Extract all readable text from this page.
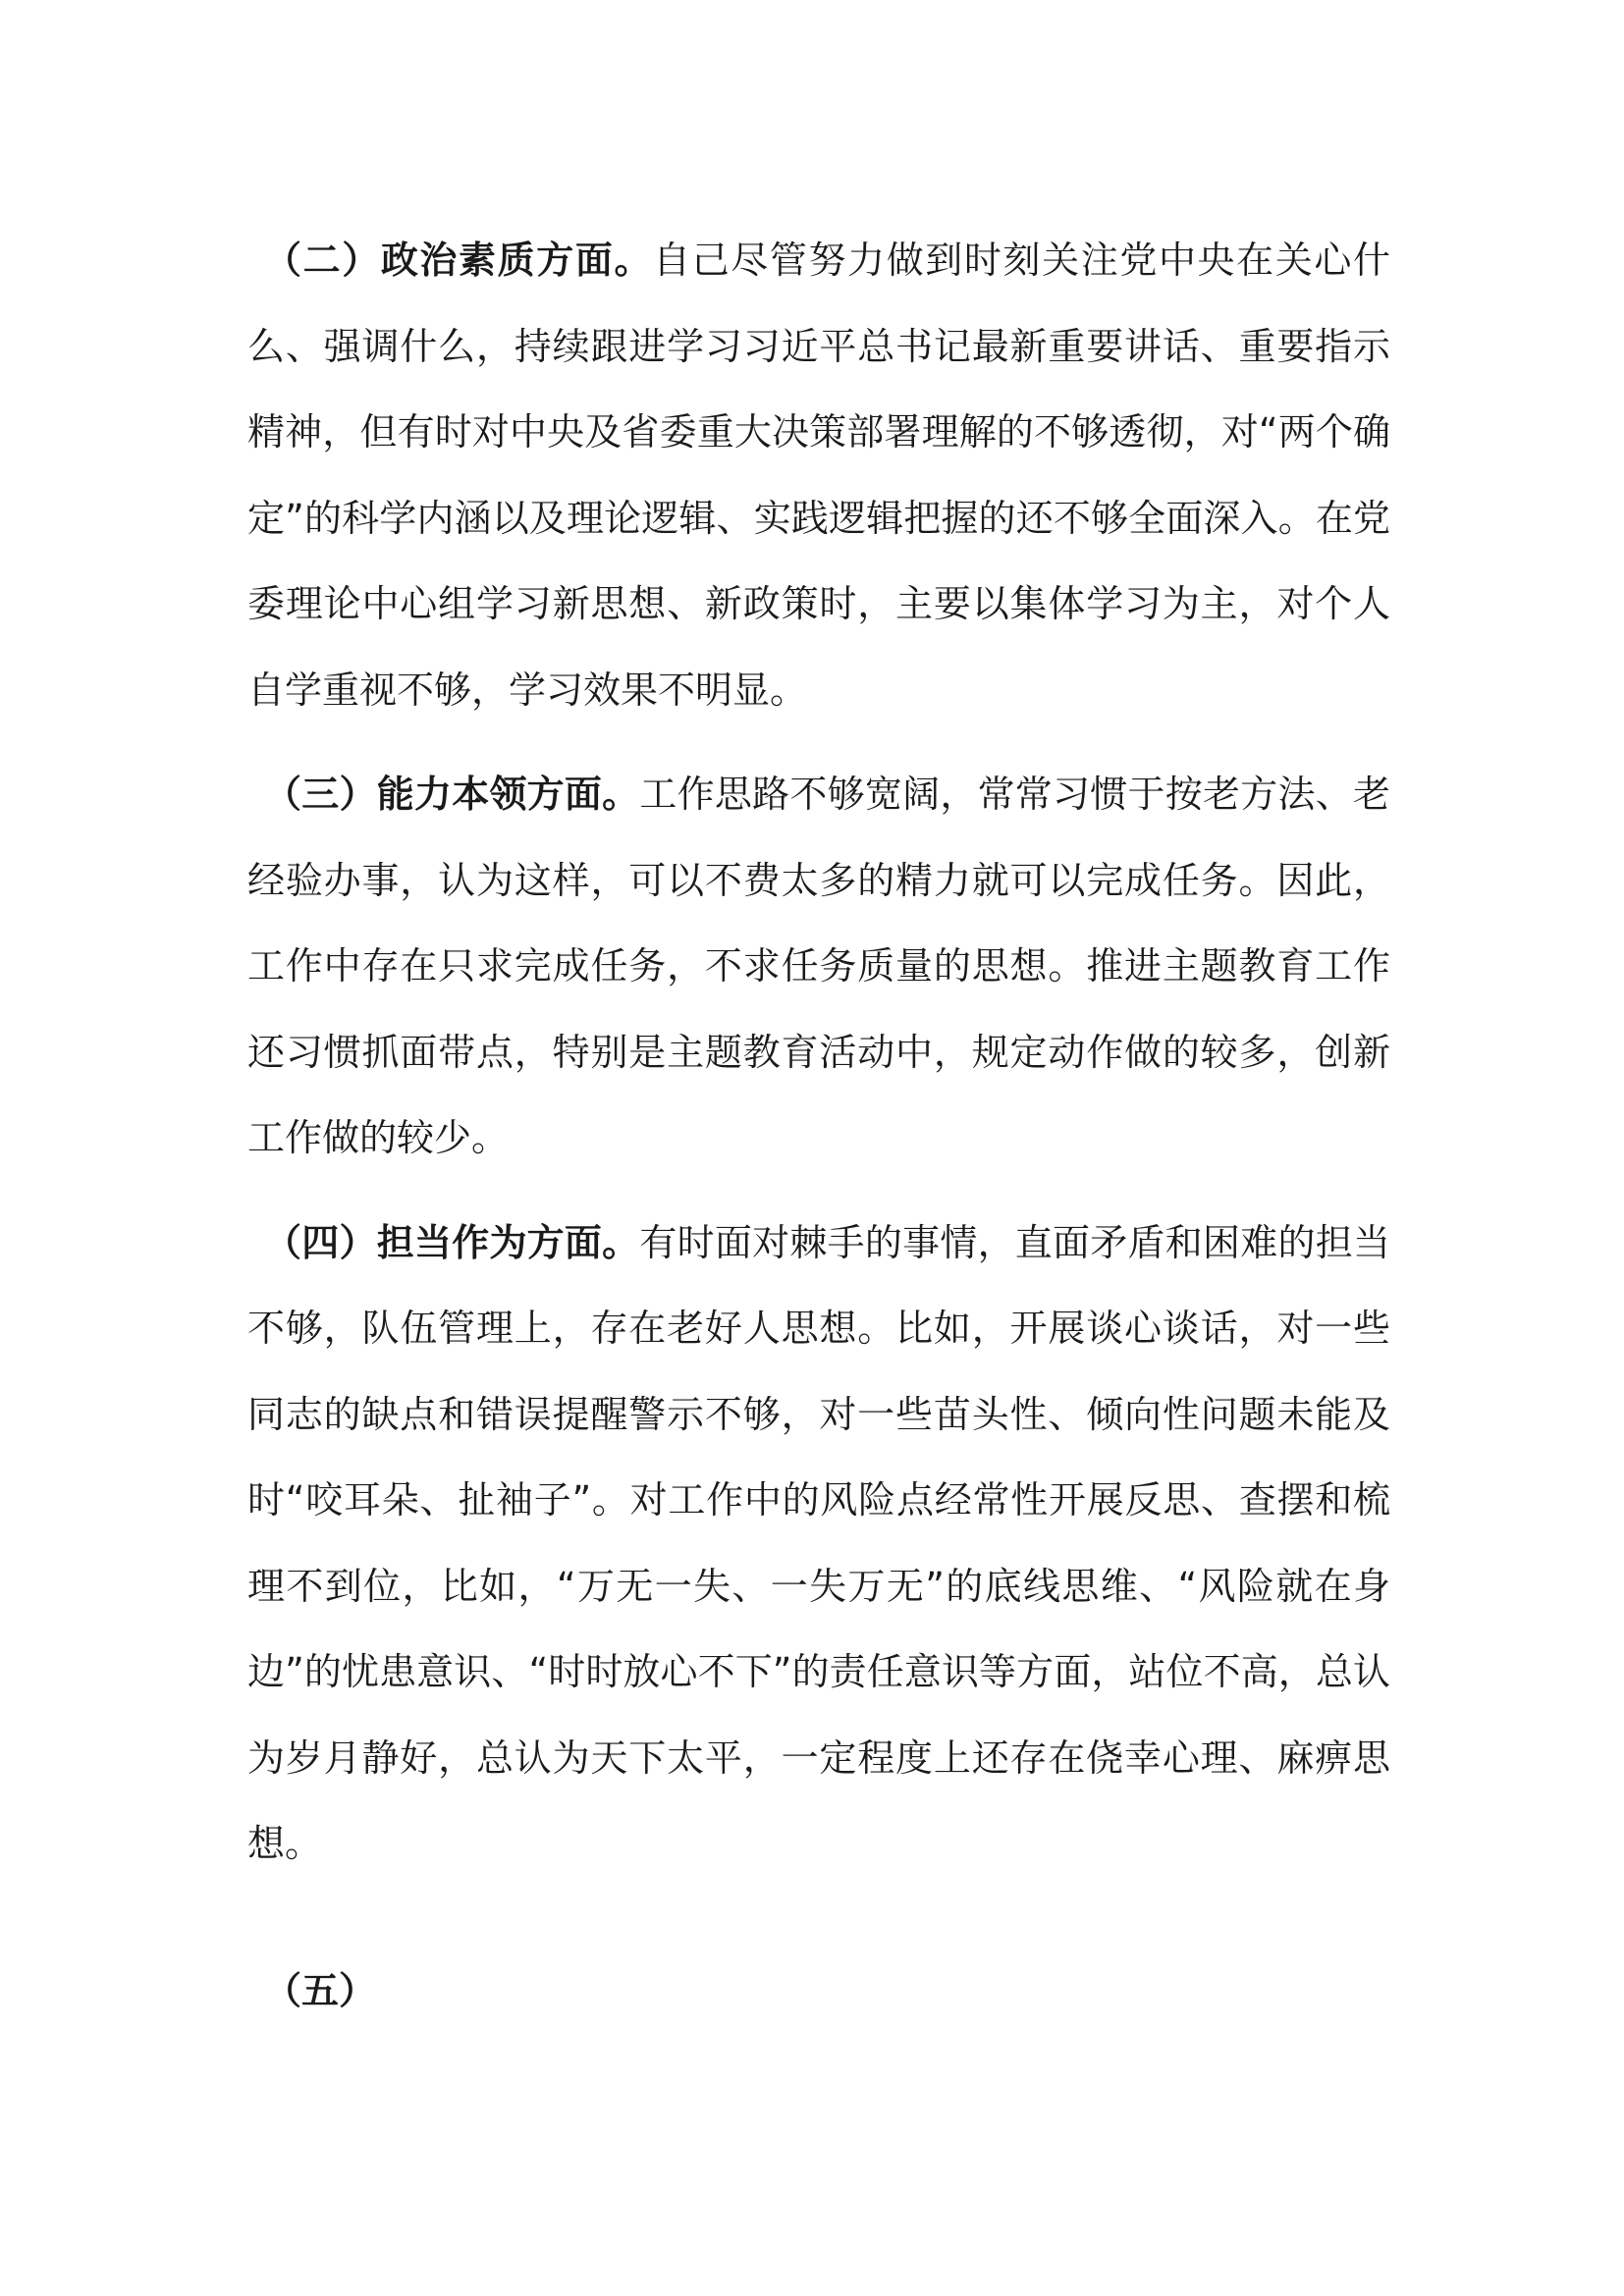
（二）政治素质方面。自己尽管努力做到时刻关注党中央在关心什么、强调什么，持续跟进学习习近平总书记最新重要讲话、重要指示精神，但有时对中央及省委重大决策部署理解的不够透彻，对“两个确定”的科学内涵以及理论逻辑、实践逻辑把握的还不够全面深入。在党委理论中心组学习新思想、新政策时，主要以集体学习为主，对个人自学重视不够，学习效果不明显。

（三）能力本领方面。工作思路不够宽阔，常常习惯于按老方法、老经验办事，认为这样，可以不费太多的精力就可以完成任务。因此，工作中存在只求完成任务，不求任务质量的思想。推进主题教育工作还习惯抓面带点，特别是主题教育活动中，规定动作做的较多，创新工作做的较少。

（四）担当作为方面。有时面对棘手的事情，直面矛盾和困难的担当不够，队伍管理上，存在老好人思想。比如，开展谈心谈话，对一些同志的缺点和错误提醒警示不够，对一些苗头性、倾向性问题未能及时“咬耳朵、扯袖子”。对工作中的风险点经常性开展反思、查摆和梳理不到位，比如，“万无一失、一失万无”的底线思维、“风险就在身边”的忧患意识、“时时放心不下”的责任意识等方面，站位不高，总认为岁月静好，总认为天下太平，一定程度上还存在侥幸心理、麻痹思想。

（五）
